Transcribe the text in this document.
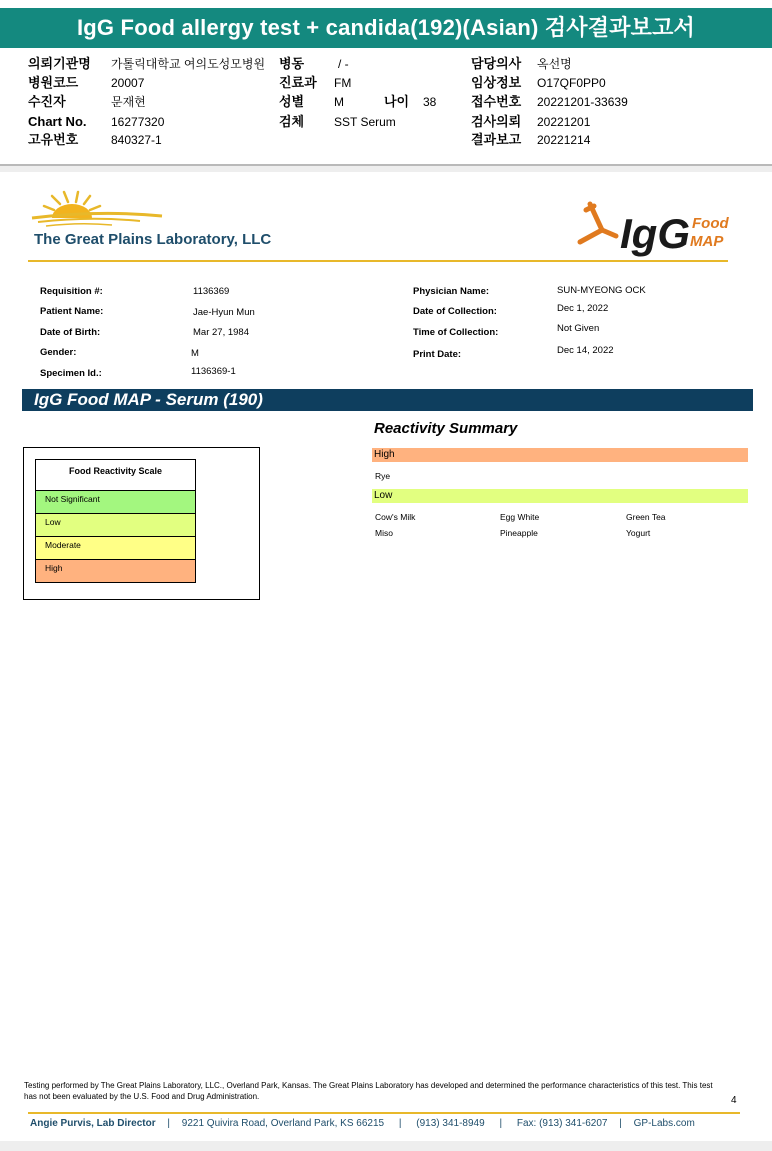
IgG Food allergy test + candida(192)(Asian) 검사결과보고서
의뢰기관명 가톨릭대학교 여의도성모병원 병동	/ -	담당의사 옥선명
병원코드	20007	진료과 FM	임상정보 O17QF0PP0
수진자	문재현	성별 M	나이 38	접수번호 20221201-33639
Chart No. 16277320	검체 SST Serum	검사의뢰 20221201
고유번호	840327-1	결과보고 20221214
The Great Plains Laboratory, LLC	IgG Food
MAP
Requisition #:	1136369
Patient Name:	Jae-Hyun Mun
Date of Birth:	Mar 27, 1984
Gender:	M
Specimen Id.:	1136369-1
Physician Name:	SUN-MYEONG OCK
Date of Collection:	Dec 1, 2022
Time of Collection:	Not Given
Print Date:	Dec 14, 2022
IgG Food MAP - Serum (190)
Food Reactivity Scale
Not Significant
Low
Moderate
High
Reactivity Summary
High
Rye
Low
Cow's Milk	Egg White	Green Tea
Miso	Pineapple	Yogurt
Testing performed by The Great Plains Laboratory, LLC., Overland Park, Kansas. The Great Plains Laboratory has developed and determined the performance characteristics of this test. This test has not been evaluated by the U.S. Food and Drug Administration.	4
Angie Purvis, Lab Director | 9221 Quivira Road, Overland Park, KS 66215 | (913) 341-8949 | Fax: (913) 341-6207 | GP-Labs.com
